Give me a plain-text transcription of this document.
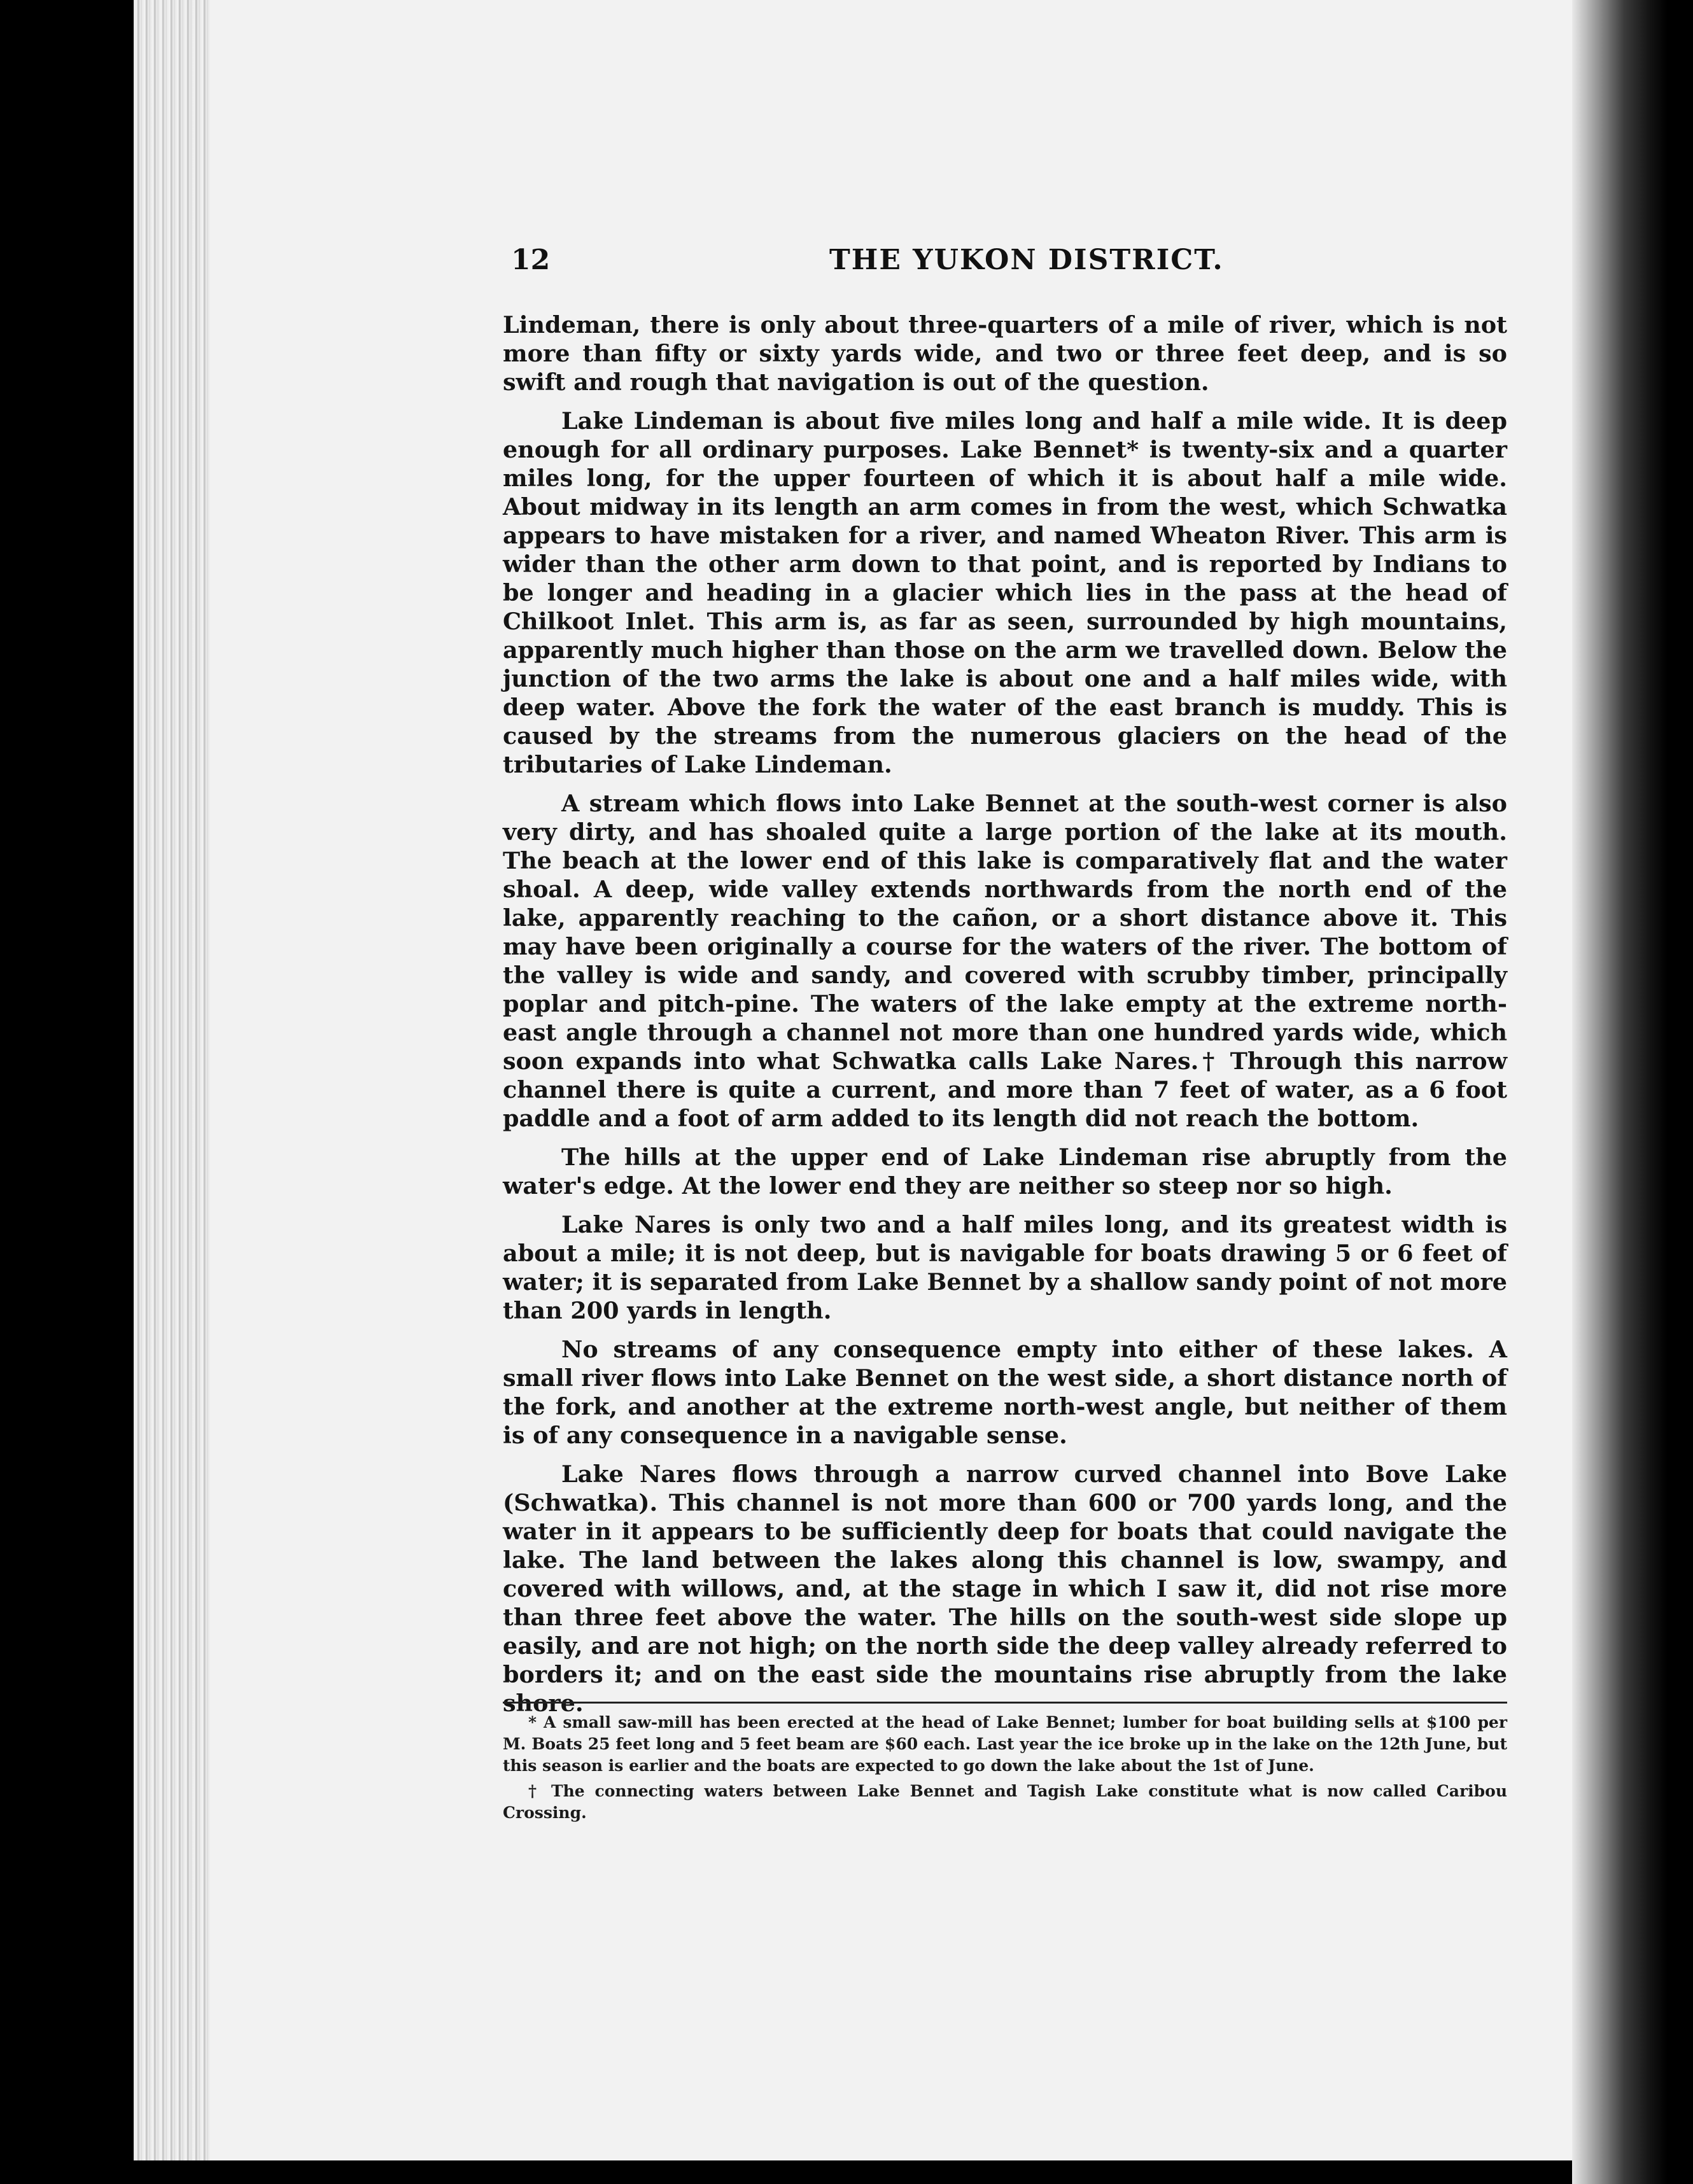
12	THE YUKON DISTRICT.

Lindeman, there is only about three-quarters of a mile of river, which is not more than fifty or sixty yards wide, and two or three feet deep, and is so swift and rough that navigation is out of the question.

Lake Lindeman is about five miles long and half a mile wide. It is deep enough for all ordinary purposes. Lake Bennet* is twenty-six and a quarter miles long, for the upper fourteen of which it is about half a mile wide. About midway in its length an arm comes in from the west, which Schwatka appears to have mistaken for a river, and named Wheaton River. This arm is wider than the other arm down to that point, and is reported by Indians to be longer and heading in a glacier which lies in the pass at the head of Chilkoot Inlet. This arm is, as far as seen, surrounded by high mountains, apparently much higher than those on the arm we travelled down. Below the junction of the two arms the lake is about one and a half miles wide, with deep water. Above the fork the water of the east branch is muddy. This is caused by the streams from the numerous glaciers on the head of the tributaries of Lake Lindeman.

A stream which flows into Lake Bennet at the south-west corner is also very dirty, and has shoaled quite a large portion of the lake at its mouth. The beach at the lower end of this lake is comparatively flat and the water shoal. A deep, wide valley extends northwards from the north end of the lake, apparently reaching to the cañon, or a short distance above it. This may have been originally a course for the waters of the river. The bottom of the valley is wide and sandy, and covered with scrubby timber, principally poplar and pitch-pine. The waters of the lake empty at the extreme north-east angle through a channel not more than one hundred yards wide, which soon expands into what Schwatka calls Lake Nares.† Through this narrow channel there is quite a current, and more than 7 feet of water, as a 6 foot paddle and a foot of arm added to its length did not reach the bottom.

The hills at the upper end of Lake Lindeman rise abruptly from the water's edge. At the lower end they are neither so steep nor so high.

Lake Nares is only two and a half miles long, and its greatest width is about a mile; it is not deep, but is navigable for boats drawing 5 or 6 feet of water; it is separated from Lake Bennet by a shallow sandy point of not more than 200 yards in length.

No streams of any consequence empty into either of these lakes. A small river flows into Lake Bennet on the west side, a short distance north of the fork, and another at the extreme north-west angle, but neither of them is of any consequence in a navigable sense.

Lake Nares flows through a narrow curved channel into Bove Lake (Schwatka). This channel is not more than 600 or 700 yards long, and the water in it appears to be sufficiently deep for boats that could navigate the lake. The land between the lakes along this channel is low, swampy, and covered with willows, and, at the stage in which I saw it, did not rise more than three feet above the water. The hills on the south-west side slope up easily, and are not high; on the north side the deep valley already referred to borders it; and on the east side the mountains rise abruptly from the lake shore.

* A small saw-mill has been erected at the head of Lake Bennet; lumber for boat building sells at $100 per M. Boats 25 feet long and 5 feet beam are $60 each. Last year the ice broke up in the lake on the 12th June, but this season is earlier and the boats are expected to go down the lake about the 1st of June.

† The connecting waters between Lake Bennet and Tagish Lake constitute what is now called Caribou Crossing.
